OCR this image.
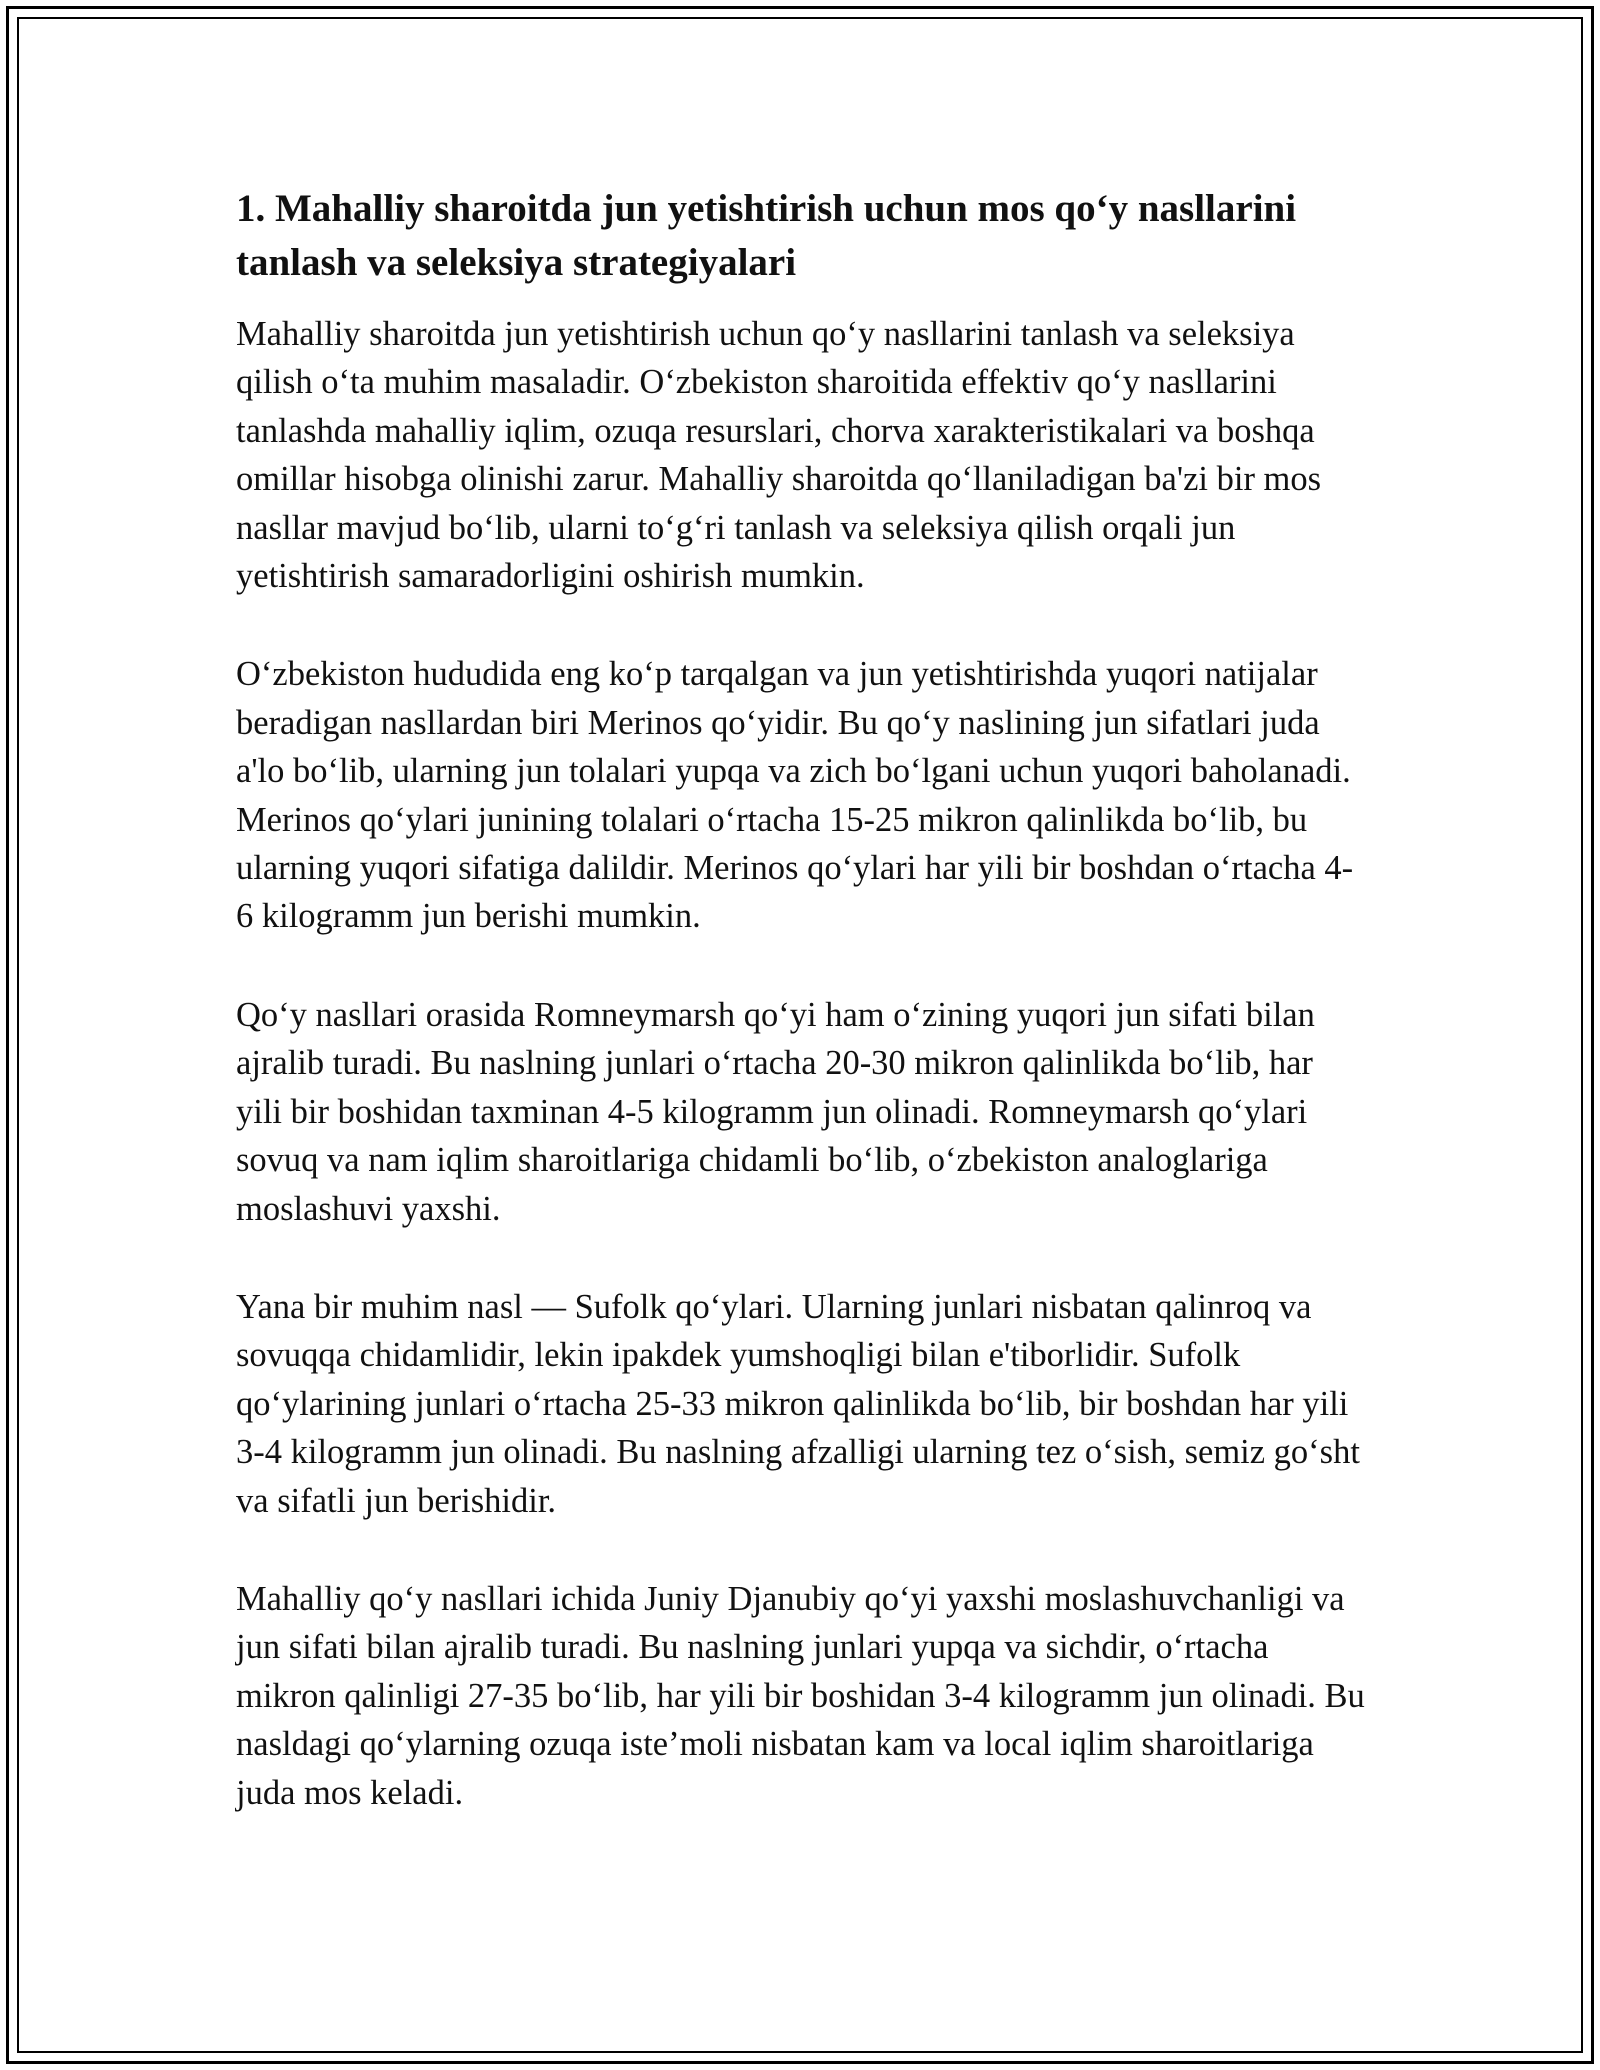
1. Mahalliy sharoitda jun yetishtirish uchun mos qo‘y nasllarini tanlash va seleksiya strategiyalari

Mahalliy sharoitda jun yetishtirish uchun qo‘y nasllarini tanlash va seleksiya qilish o‘ta muhim masaladir. O‘zbekiston sharoitida effektiv qo‘y nasllarini tanlashda mahalliy iqlim, ozuqa resurslari, chorva xarakteristikalari va boshqa omillar hisobga olinishi zarur. Mahalliy sharoitda qo‘llaniladigan ba'zi bir mos nasllar mavjud bo‘lib, ularni to‘g‘ri tanlash va seleksiya qilish orqali jun yetishtirish samaradorligini oshirish mumkin.

O‘zbekiston hududida eng ko‘p tarqalgan va jun yetishtirishda yuqori natijalar beradigan nasllardan biri Merinos qo‘yidir. Bu qo‘y naslining jun sifatlari juda a'lo bo‘lib, ularning jun tolalari yupqa va zich bo‘lgani uchun yuqori baholanadi. Merinos qo‘ylari junining tolalari o‘rtacha 15-25 mikron qalinlikda bo‘lib, bu ularning yuqori sifatiga dalildir. Merinos qo‘ylari har yili bir boshdan o‘rtacha 4-6 kilogramm jun berishi mumkin.

Qo‘y nasllari orasida Romneymarsh qo‘yi ham o‘zining yuqori jun sifati bilan ajralib turadi. Bu naslning junlari o‘rtacha 20-30 mikron qalinlikda bo‘lib, har yili bir boshidan taxminan 4-5 kilogramm jun olinadi. Romneymarsh qo‘ylari sovuq va nam iqlim sharoitlariga chidamli bo‘lib, o‘zbekiston analoglariga moslashuvi yaxshi.

Yana bir muhim nasl — Sufolk qo‘ylari. Ularning junlari nisbatan qalinroq va sovuqqa chidamlidir, lekin ipakdek yumshoqligi bilan e'tiborlidir. Sufolk qo‘ylarining junlari o‘rtacha 25-33 mikron qalinlikda bo‘lib, bir boshdan har yili 3-4 kilogramm jun olinadi. Bu naslning afzalligi ularning tez o‘sish, semiz go‘sht va sifatli jun berishidir.

Mahalliy qo‘y nasllari ichida Juniy Djanubiy qo‘yi yaxshi moslashuvchanligi va jun sifati bilan ajralib turadi. Bu naslning junlari yupqa va sichdir, o‘rtacha mikron qalinligi 27-35 bo‘lib, har yili bir boshidan 3-4 kilogramm jun olinadi. Bu nasldagi qo‘ylarning ozuqa iste’moli nisbatan kam va local iqlim sharoitlariga juda mos keladi.
